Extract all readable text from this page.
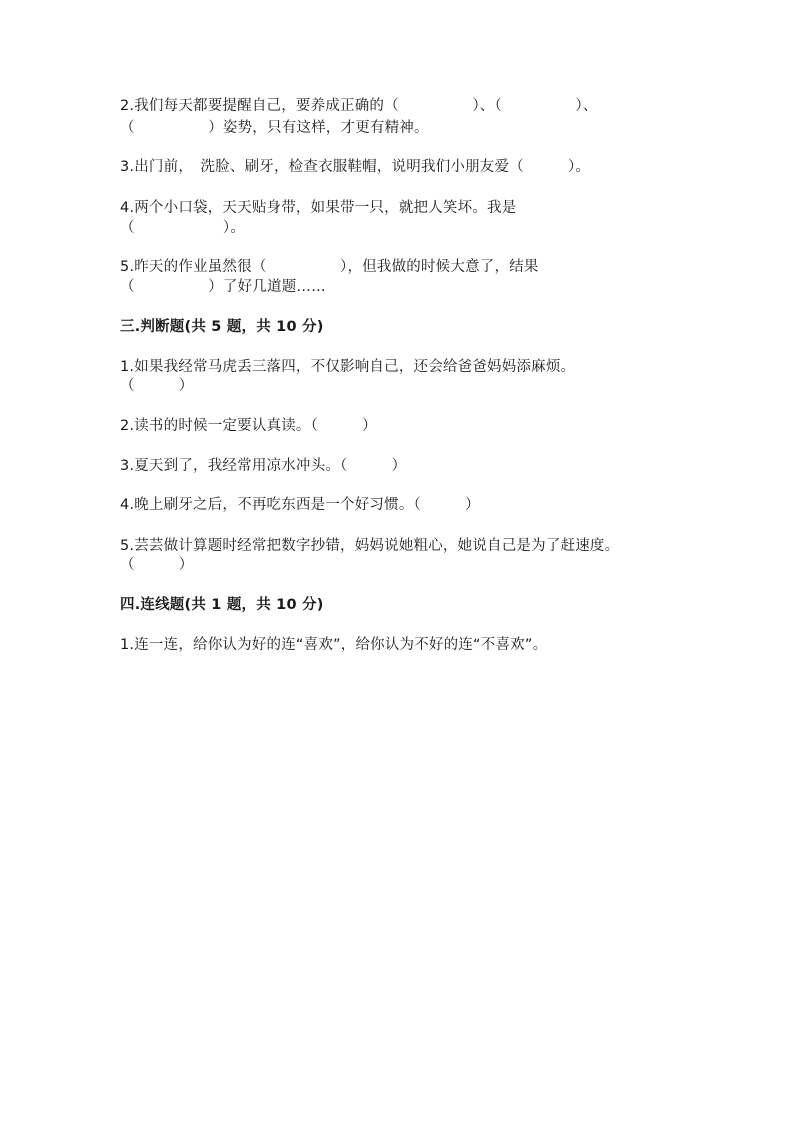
2.我们每天都要提醒自己，要养成正确的（　　　　　）、（　　　　　）、
（　　　　　）姿势，只有这样，才更有精神。
3.出门前，　洗脸、刷牙，检查衣服鞋帽，说明我们小朋友爱（　　　）。
4.两个小口袋，天天贴身带，如果带一只，就把人笑坏。我是
（　　　　　　）。
5.昨天的作业虽然很（　　　　　），但我做的时候大意了，结果
（　　　　　）了好几道题……
三.判断题(共 5 题，共 10 分)
1.如果我经常马虎丢三落四，不仅影响自己，还会给爸爸妈妈添麻烦。
（　　　）
2.读书的时候一定要认真读。（　　　）
3.夏天到了，我经常用凉水冲头。（　　　）
4.晚上刷牙之后，不再吃东西是一个好习惯。（　　　）
5.芸芸做计算题时经常把数字抄错，妈妈说她粗心，她说自己是为了赶速度。
（　　　）
四.连线题(共 1 题，共 10 分)
1.连一连，给你认为好的连“喜欢”，给你认为不好的连“不喜欢”。
